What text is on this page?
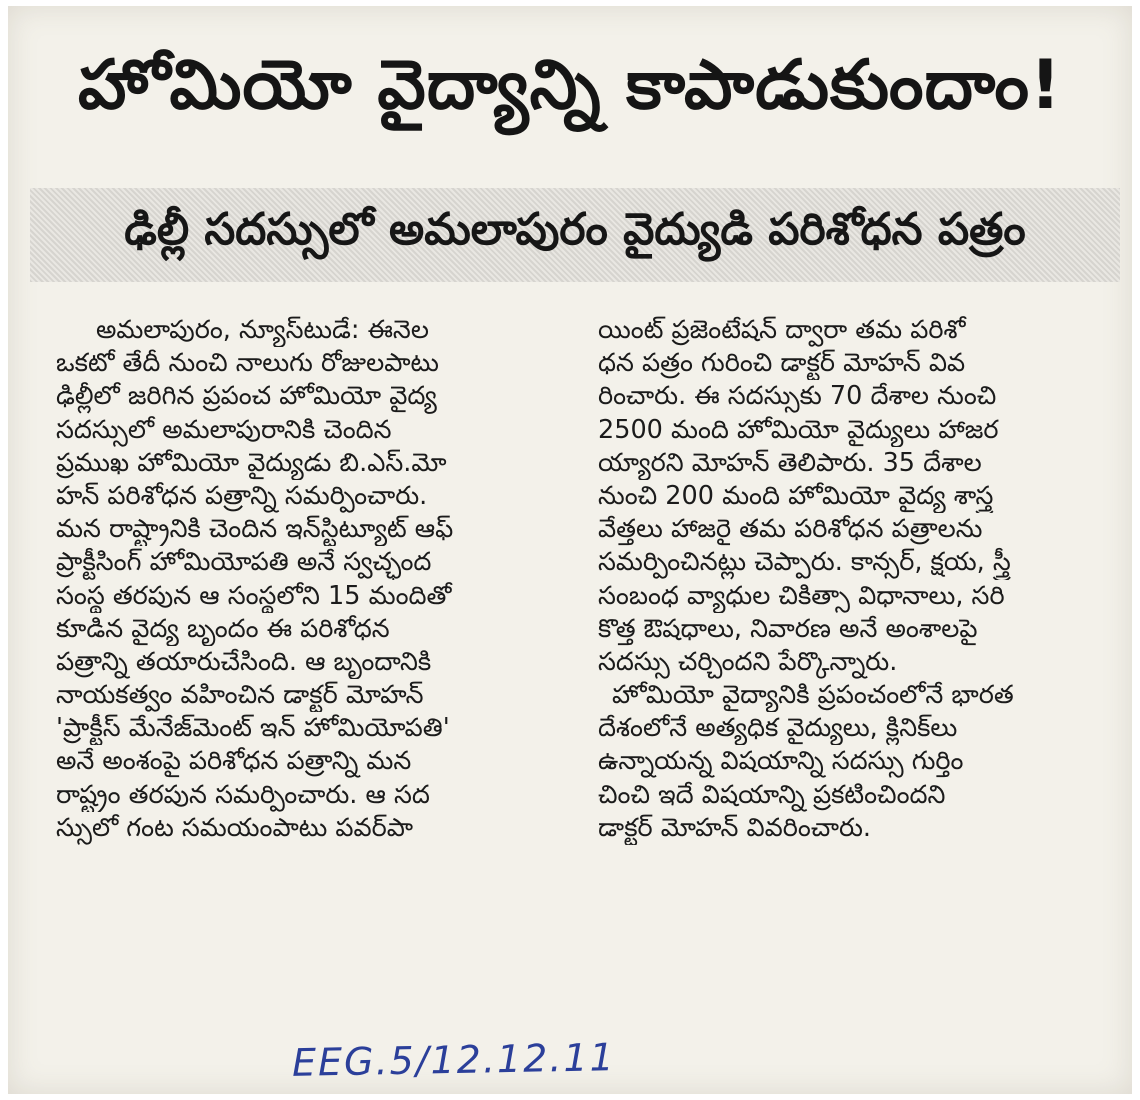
హోమియో వైద్యాన్ని కాపాడుకుందాం!
ఢిల్లీ సదస్సులో అమలాపురం వైద్యుడి పరిశోధన పత్రం
అమలాపురం, న్యూస్‌టుడే: ఈనెల
ఒకటో తేదీ నుంచి నాలుగు రోజులపాటు
ఢిల్లీలో జరిగిన ప్రపంచ హోమియో వైద్య
సదస్సులో అమలాపురానికి చెందిన
ప్రముఖ హోమియో వైద్యుడు బి.ఎస్.మో
హన్ పరిశోధన పత్రాన్ని సమర్పించారు.
మన రాష్ట్రానికి చెందిన ఇన్‌స్టిట్యూట్ ఆఫ్
ప్రాక్టీసింగ్ హోమియోపతి అనే స్వచ్ఛంద
సంస్థ తరపున ఆ సంస్థలోని 15 మందితో
కూడిన వైద్య బృందం ఈ పరిశోధన
పత్రాన్ని తయారుచేసింది. ఆ బృందానికి
నాయకత్వం వహించిన డాక్టర్ మోహన్
'ప్రాక్టీస్ మేనేజ్‌మెంట్ ఇన్ హోమియోపతి'
అనే అంశంపై పరిశోధన పత్రాన్ని మన
రాష్ట్రం తరపున సమర్పించారు. ఆ సద
స్సులో గంట సమయంపాటు పవర్‌పా
యింట్ ప్రజెంటేషన్ ద్వారా తమ పరిశో
ధన పత్రం గురించి డాక్టర్ మోహన్ వివ
రించారు. ఈ సదస్సుకు 70 దేశాల నుంచి
2500 మంది హోమియో వైద్యులు హాజర
య్యారని మోహన్ తెలిపారు. 35 దేశాల
నుంచి 200 మంది హోమియో వైద్య శాస్త్ర
వేత్తలు హాజరై తమ పరిశోధన పత్రాలను
సమర్పించినట్లు చెప్పారు. కాన్సర్, క్షయ, స్త్రీ
సంబంధ వ్యాధుల చికిత్సా విధానాలు, సరి
కొత్త ఔషధాలు, నివారణ అనే అంశాలపై
సదస్సు చర్చిందని పేర్కొన్నారు.
హోమియో వైద్యానికి ప్రపంచంలోనే భారత
దేశంలోనే అత్యధిక వైద్యులు, క్లినిక్‌లు
ఉన్నాయన్న విషయాన్ని సదస్సు గుర్తిం
చించి ఇదే విషయాన్ని ప్రకటించిందని
డాక్టర్ మోహన్ వివరించారు.
EEG.5/12.12.11
